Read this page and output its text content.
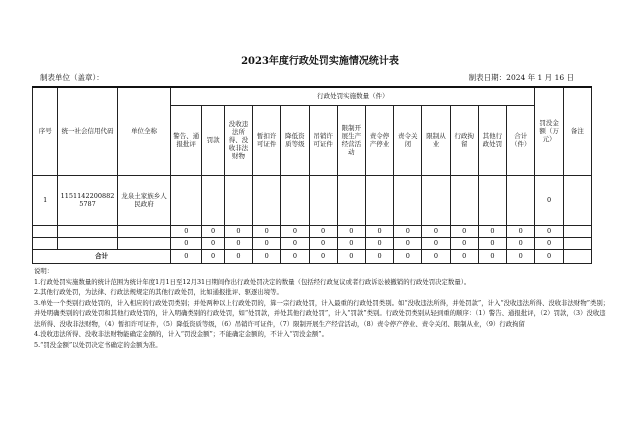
2023年度行政处罚实施情况统计表
制表单位（盖章）：	制表日期：2024 年 1 月 16 日
序号	统一社会信用代码	单位全称	行政处罚实施数量（件）													罚没金额（万元）	备注
			警告、通报批评	罚款	没收违法所得、没收非法财物	暂扣许可证件	降低资质等级	吊销许可证件	限制开展生产经营活动	责令停产停业	责令关闭	限制从业	行政拘留	其他行政处罚	合计（件）		
1	11511422008825787	龙泉土家族乡人民政府														0	
			0	0	0	0	0	0	0	0	0	0	0	0	0	0	
			0	0	0	0	0	0	0	0	0	0	0	0	0	0	
合计			0	0	0	0	0	0	0	0	0	0	0	0	0	0	

说明：

1.行政处罚实施数量的统计范围为统计年度1月1日至12月31日期间作出行政处罚决定的数量（包括经行政复议或者行政诉讼被撤销的行政处罚决定数量）。

2.其他行政处罚，为法律、行政法规规定的其他行政处罚，比如通报批评、驱逐出境等。

3.单处一个类别行政处罚的，计入相应的行政处罚类别；并处两种以上行政处罚的，算一宗行政处罚，计入最重的行政处罚类别。如“没收违法所得，并处罚款”，计入“没收违法所得、没收非法财物”类别；并处明确类别的行政处罚和其他行政处罚的，计入明确类别的行政处罚，如“处罚款，并处其他行政处罚”，计入“罚款”类别。行政处罚类别从轻到重的顺序：（1）警告、通报批评，（2）罚款，（3）没收违法所得、没收非法财物，（4）暂扣许可证件，（5）降低资质等级，（6）吊销许可证件，（7）限制开展生产经营活动，（8）责令停产停业、责令关闭、限制从业，（9）行政拘留

4.没收违法所得、没收非法财物能确定金额的，计入“罚没金额”；不能确定金额的，不计入“罚没金额”。

5.“罚没金额”以处罚决定书确定的金额为准。
